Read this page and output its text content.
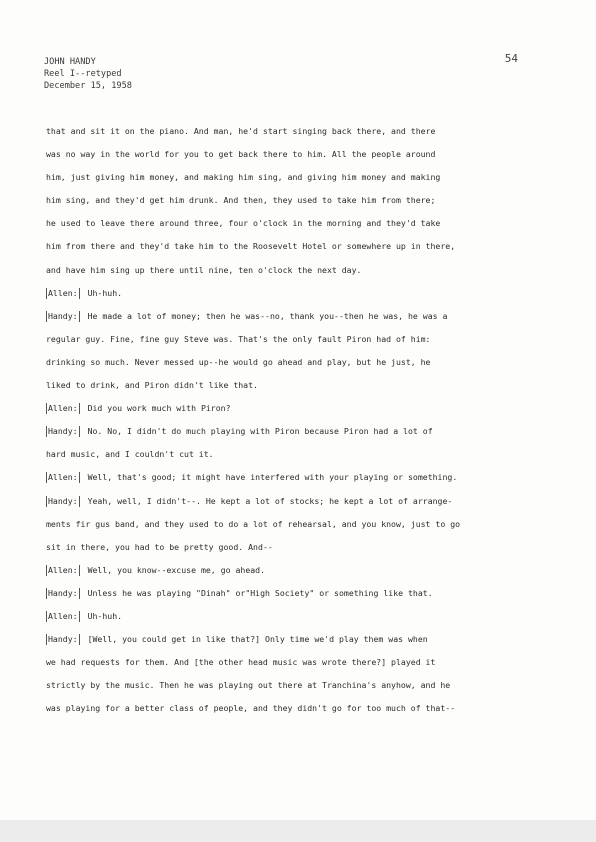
JOHN HANDY
Reel I--retyped
December 15, 1958
54
that and sit it on the piano. And man, he'd start singing back there, and there
was no way in the world for you to get back there to him. All the people around
him, just giving him money, and making him sing, and giving him money and making
him sing, and they'd get him drunk. And then, they used to take him from there;
he used to leave there around three, four o'clock in the morning and they'd take
him from there and they'd take him to the Roosevelt Hotel or somewhere up in there,
and have him sing up there until nine, ten o'clock the next day.
Allen: Uh-huh.
Handy: He made a lot of money; then he was--no, thank you--then he was, he was a
regular guy. Fine, fine guy Steve was. That's the only fault Piron had of him:
drinking so much. Never messed up--he would go ahead and play, but he just, he
liked to drink, and Piron didn't like that.
Allen: Did you work much with Piron?
Handy: No. No, I didn't do much playing with Piron because Piron had a lot of
hard music, and I couldn't cut it.
Allen: Well, that's good; it might have interfered with your playing or something.
Handy: Yeah, well, I didn't--. He kept a lot of stocks; he kept a lot of arrange-
ments fir gus band, and they used to do a lot of rehearsal, and you know, just to go
sit in there, you had to be pretty good. And--
Allen: Well, you know--excuse me, go ahead.
Handy: Unless he was playing "Dinah" or"High Society" or something like that.
Allen: Uh-huh.
Handy: [Well, you could get in like that?] Only time we'd play them was when
we had requests for them. And [the other head music was wrote there?] played it
strictly by the music. Then he was playing out there at Tranchina's anyhow, and he
was playing for a better class of people, and they didn't go for too much of that--
